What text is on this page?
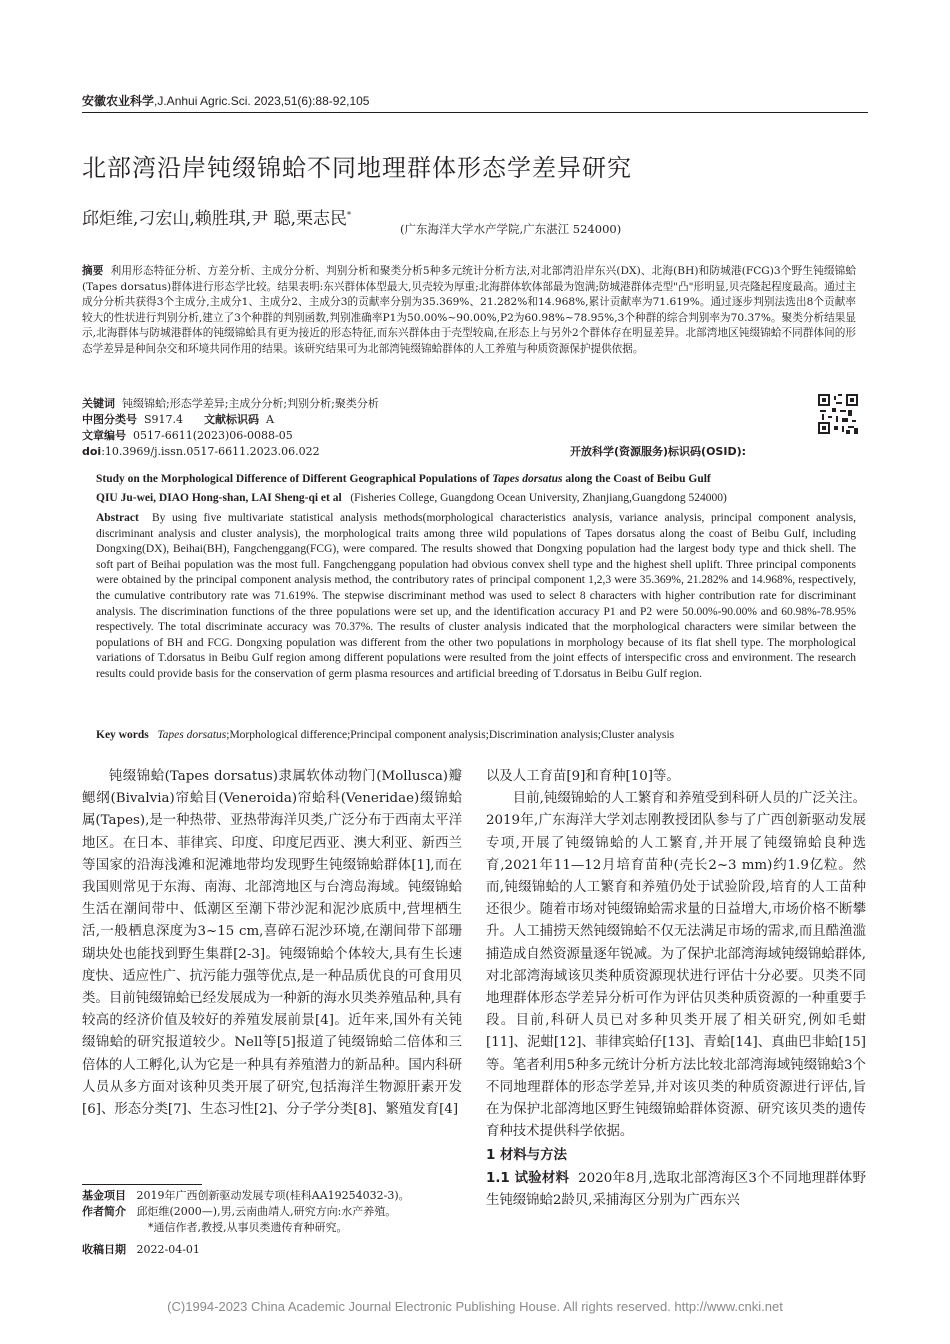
安徽农业科学,J.Anhui Agric.Sci. 2023,51(6):88-92,105
北部湾沿岸钝缀锦蛤不同地理群体形态学差异研究
邱炬维,刁宏山,赖胜琪,尹 聪,栗志民*
(广东海洋大学水产学院,广东湛江 524000)
摘要 利用形态特征分析、方差分析、主成分分析、判别分析和聚类分析5种多元统计分析方法,对北部湾沿岸东兴(DX)、北海(BH)和防城港(FCG)3个野生钝缀锦蛤(Tapes dorsatus)群体进行形态学比较。结果表明:东兴群体体型最大,贝壳较为厚重;北海群体软体部最为饱满;防城港群体壳型"凸"形明显,贝壳隆起程度最高。通过主成分分析共获得3个主成分,主成分1、主成分2、主成分3的贡献率分别为35.369%、21.282%和14.968%,累计贡献率为71.619%。通过逐步判别法选出8个贡献率较大的性状进行判别分析,建立了3个种群的判别函数,判别准确率P1为50.00%~90.00%,P2为60.98%~78.95%,3个种群的综合判别率为70.37%。聚类分析结果显示,北海群体与防城港群体的钝缀锦蛤具有更为接近的形态特征,而东兴群体由于壳型较扁,在形态上与另外2个群体存在明显差异。北部湾地区钝缀锦蛤不同群体间的形态学差异是种间杂交和环境共同作用的结果。该研究结果可为北部湾钝缀锦蛤群体的人工养殖与种质资源保护提供依据。
关键词 钝缀锦蛤;形态学差异;主成分分析;判别分析;聚类分析
中图分类号 S917.4 文献标识码 A
文章编号 0517-6611(2023)06-0088-05
doi:10.3969/j.issn.0517-6611.2023.06.022	开放科学(资源服务)标识码(OSID):
Study on the Morphological Difference of Different Geographical Populations of Tapes dorsatus along the Coast of Beibu Gulf
QIU Ju-wei, DIAO Hong-shan, LAI Sheng-qi et al (Fisheries College, Guangdong Ocean University, Zhanjiang,Guangdong 524000)
Abstract By using five multivariate statistical analysis methods(morphological characteristics analysis, variance analysis, principal component analysis, discriminant analysis and cluster analysis), the morphological traits among three wild populations of Tapes dorsatus along the coast of Beibu Gulf, including Dongxing(DX), Beihai(BH), Fangchenggang(FCG), were compared. The results showed that Dongxing population had the largest body type and thick shell. The soft part of Beihai population was the most full. Fangchenggang population had obvious convex shell type and the highest shell uplift. Three principal components were obtained by the principal component analysis method, the contributory rates of principal component 1,2,3 were 35.369%, 21.282% and 14.968%, respectively, the cumulative contributory rate was 71.619%. The stepwise discriminant method was used to select 8 characters with higher contribution rate for discriminant analysis. The discrimination functions of the three populations were set up, and the identification accuracy P1 and P2 were 50.00%-90.00% and 60.98%-78.95% respectively. The total discriminate accuracy was 70.37%. The results of cluster analysis indicated that the morphological characters were similar between the populations of BH and FCG. Dongxing population was different from the other two populations in morphology because of its flat shell type. The morphological variations of T.dorsatus in Beibu Gulf region among different populations were resulted from the joint effects of interspecific cross and environment. The research results could provide basis for the conservation of germ plasma resources and artificial breeding of T.dorsatus in Beibu Gulf region.
Key words Tapes dorsatus;Morphological difference;Principal component analysis;Discrimination analysis;Cluster analysis

钝缀锦蛤(Tapes dorsatus)隶属软体动物门(Mollusca)瓣鳃纲(Bivalvia)帘蛤目(Veneroida)帘蛤科(Veneridae)缀锦蛤属(Tapes),是一种热带、亚热带海洋贝类,广泛分布于西南太平洋地区。在日本、菲律宾、印度、印度尼西亚、澳大利亚、新西兰等国家的沿海浅滩和泥滩地带均发现野生钝缀锦蛤群体[1],而在我国则常见于东海、南海、北部湾地区与台湾岛海域。钝缀锦蛤生活在潮间带中、低潮区至潮下带沙泥和泥沙底质中,营埋栖生活,一般栖息深度为3~15 cm,喜碎石泥沙环境,在潮间带下部珊瑚块处也能找到野生集群[2-3]。钝缀锦蛤个体较大,具有生长速度快、适应性广、抗污能力强等优点,是一种品质优良的可食用贝类。目前钝缀锦蛤已经发展成为一种新的海水贝类养殖品种,具有较高的经济价值及较好的养殖发展前景[4]。近年来,国外有关钝缀锦蛤的研究报道较少。Nell等[5]报道了钝缀锦蛤二倍体和三倍体的人工孵化,认为它是一种具有养殖潜力的新品种。国内科研人员从多方面对该种贝类开展了研究,包括海洋生物源肝素开发[6]、形态分类[7]、生态习性[2]、分子学分类[8]、繁殖发育[4]

以及人工育苗[9]和育种[10]等。

目前,钝缀锦蛤的人工繁育和养殖受到科研人员的广泛关注。2019年,广东海洋大学刘志刚教授团队参与了广西创新驱动发展专项,开展了钝缀锦蛤的人工繁育,并开展了钝缀锦蛤良种选育,2021年11—12月培育苗种(壳长2~3 mm)约1.9亿粒。然而,钝缀锦蛤的人工繁育和养殖仍处于试验阶段,培育的人工苗种还很少。随着市场对钝缀锦蛤需求量的日益增大,市场价格不断攀升。人工捕捞天然钝缀锦蛤不仅无法满足市场的需求,而且酷渔滥捕造成自然资源量逐年锐减。为了保护北部湾海域钝缀锦蛤群体,对北部湾海域该贝类种质资源现状进行评估十分必要。贝类不同地理群体形态学差异分析可作为评估贝类种质资源的一种重要手段。目前,科研人员已对多种贝类开展了相关研究,例如毛蚶[11]、泥蚶[12]、菲律宾蛤仔[13]、青蛤[14]、真曲巴非蛤[15]等。笔者利用5种多元统计分析方法比较北部湾海域钝缀锦蛤3个不同地理群体的形态学差异,并对该贝类的种质资源进行评估,旨在为保护北部湾地区野生钝缀锦蛤群体资源、研究该贝类的遗传育种技术提供科学依据。

1 材料与方法

1.1 试验材料 2020年8月,选取北部湾海区3个不同地理群体野生钝缀锦蛤2龄贝,采捕海区分别为广西东兴

基金项目 2019年广西创新驱动发展专项(桂科AA19254032-3)。
作者简介 邱炬维(2000—),男,云南曲靖人,研究方向:水产养殖。
*通信作者,教授,从事贝类遗传育种研究。
收稿日期 2022-04-01
(C)1994-2023 China Academic Journal Electronic Publishing House. All rights reserved. http://www.cnki.net
